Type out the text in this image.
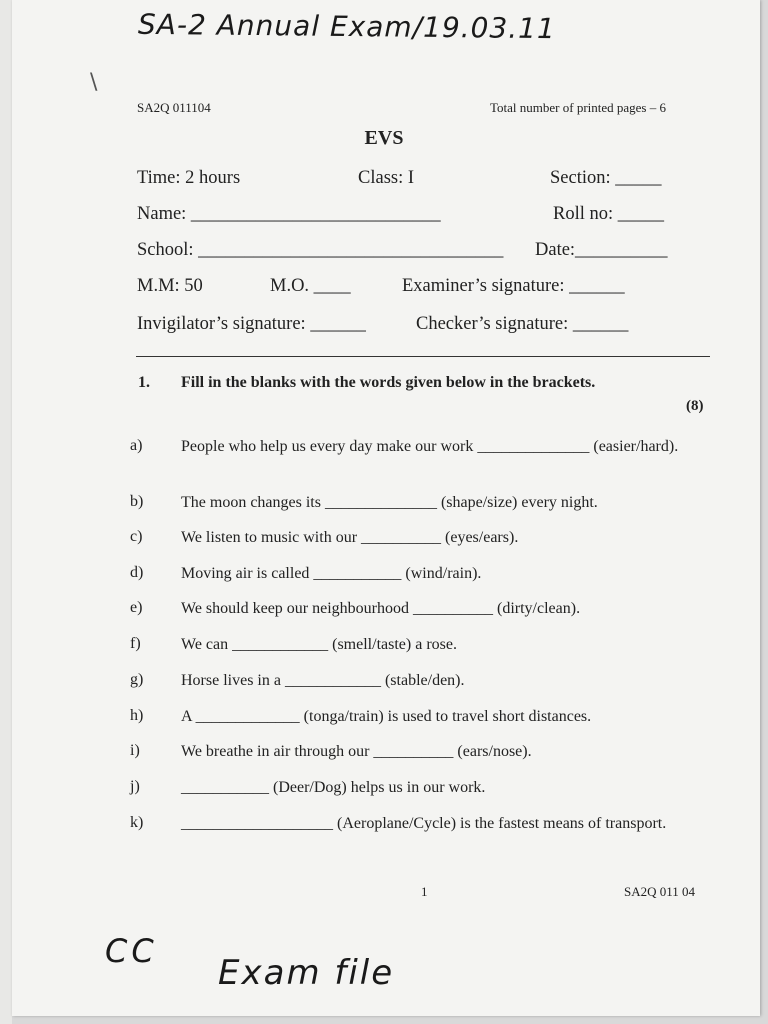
SA-2 Annual Exam/19.03.11
\
SA2Q 011104	Total number of printed pages – 6
EVS
Time: 2 hours	Class: I	Section: _____
Name: ___________________________	Roll no: _____
School: _________________________________ Date:__________
M.M: 50	M.O. ____	Examiner’s signature: ______
Invigilator’s signature: ______	Checker’s signature: ______
1. Fill in the blanks with the words given below in the brackets.
(8)
a) People who help us every day make our work ______________ (easier/hard).
b) The moon changes its ______________ (shape/size) every night.
c) We listen to music with our __________ (eyes/ears).
d) Moving air is called ___________ (wind/rain).
e) We should keep our neighbourhood __________ (dirty/clean).
f)	We can ____________ (smell/taste) a rose.
g) Horse lives in a ____________ (stable/den).
h) A _____________ (tonga/train) is used to travel short distances.
i)	We breathe in air through our __________ (ears/nose).
j)	___________ (Deer/Dog) helps us in our work.
k) ___________________ (Aeroplane/Cycle) is the fastest means of transport.
1	SA2Q 011 04
CC
Exam file
